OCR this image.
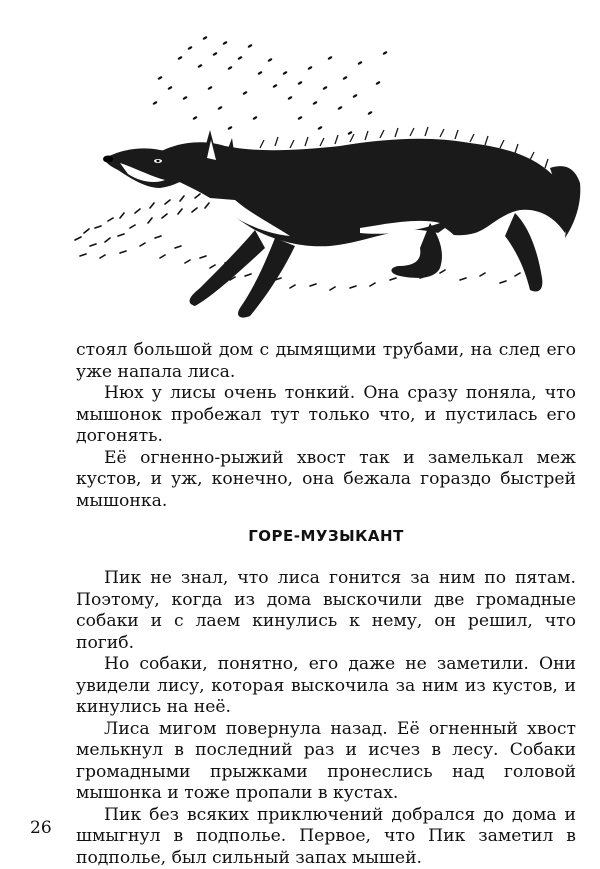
стоял большой дом с дымящими трубами, на след его уже напала лиса.

Нюх у лисы очень тонкий. Она сразу поняла, что мышонок пробежал тут только что, и пустилась его догонять.

Её огненно-рыжий хвост так и замелькал меж кустов, и уж, конечно, она бежала гораздо быстрей мышонка.

ГОРЕ-МУЗЫКАНТ

Пик не знал, что лиса гонится за ним по пятам. Поэтому, когда из дома выскочили две громадные собаки и с лаем кинулись к нему, он решил, что погиб.

Но собаки, понятно, его даже не заметили. Они увидели лису, которая выскочила за ним из кустов, и кинулись на неё.

Лиса мигом повернула назад. Её огненный хвост мелькнул в последний раз и исчез в лесу. Собаки громадными прыжками пронеслись над головой мышонка и тоже пропали в кустах.

Пик без всяких приключений добрался до дома и шмыгнул в подполье. Первое, что Пик заметил в подполье, был сильный запах мышей.

26
